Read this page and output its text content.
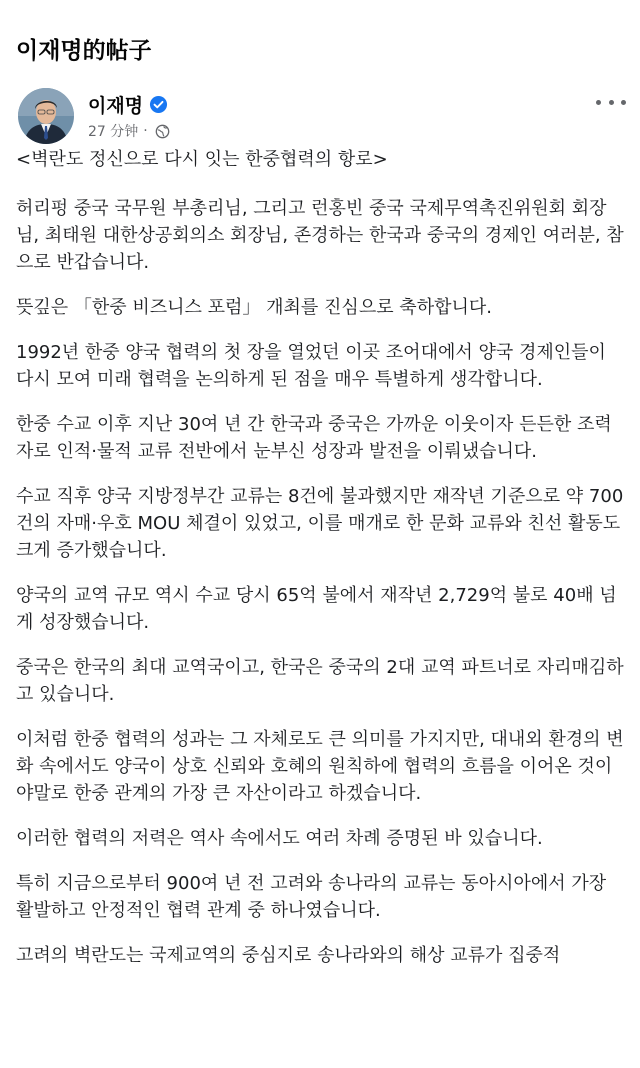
이재명的帖子
이재명
27 分钟 ·

<벽란도 정신으로 다시 잇는 한중협력의 항로>

허리펑 중국 국무원 부총리님, 그리고 런홍빈 중국 국제무역촉진위원회 회장님, 최태원 대한상공회의소 회장님, 존경하는 한국과 중국의 경제인 여러분, 참으로 반갑습니다.

뜻깊은 「한중 비즈니스 포럼」 개최를 진심으로 축하합니다.

1992년 한중 양국 협력의 첫 장을 열었던 이곳 조어대에서 양국 경제인들이 다시 모여 미래 협력을 논의하게 된 점을 매우 특별하게 생각합니다.

한중 수교 이후 지난 30여 년 간 한국과 중국은 가까운 이웃이자 든든한 조력자로 인적·물적 교류 전반에서 눈부신 성장과 발전을 이뤄냈습니다.

수교 직후 양국 지방정부간 교류는 8건에 불과했지만 재작년 기준으로 약 700건의 자매·우호 MOU 체결이 있었고, 이를 매개로 한 문화 교류와 친선 활동도 크게 증가했습니다.

양국의 교역 규모 역시 수교 당시 65억 불에서 재작년 2,729억 불로 40배 넘게 성장했습니다.

중국은 한국의 최대 교역국이고, 한국은 중국의 2대 교역 파트너로 자리매김하고 있습니다.

이처럼 한중 협력의 성과는 그 자체로도 큰 의미를 가지지만, 대내외 환경의 변화 속에서도 양국이 상호 신뢰와 호혜의 원칙하에 협력의 흐름을 이어온 것이야말로 한중 관계의 가장 큰 자산이라고 하겠습니다.

이러한 협력의 저력은 역사 속에서도 여러 차례 증명된 바 있습니다.

특히 지금으로부터 900여 년 전 고려와 송나라의 교류는 동아시아에서 가장 활발하고 안정적인 협력 관계 중 하나였습니다.

고려의 벽란도는 국제교역의 중심지로 송나라와의 해상 교류가 집중적
